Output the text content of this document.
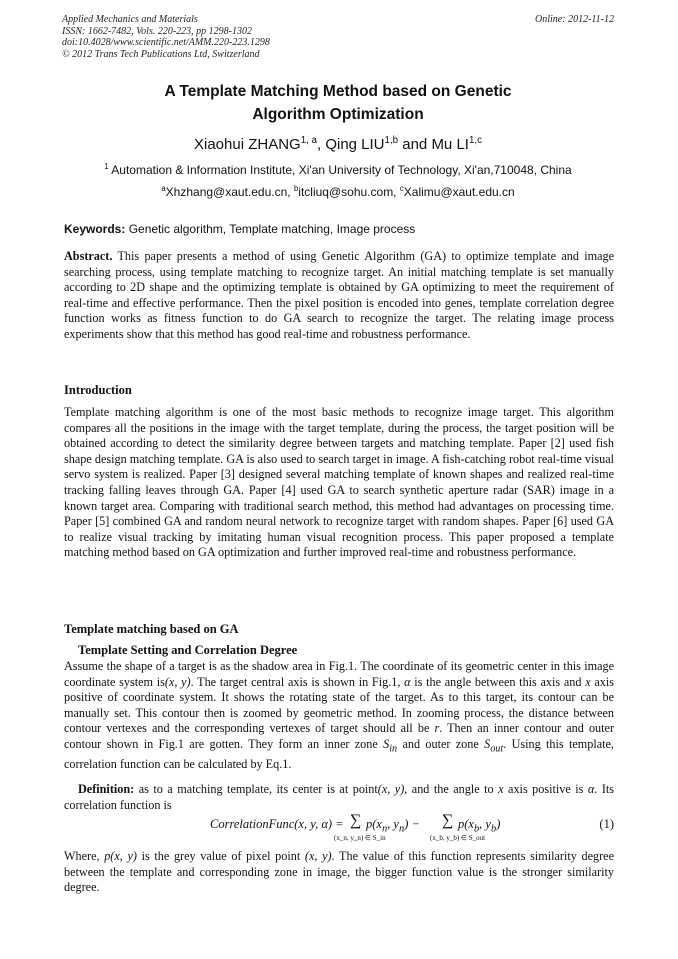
Applied Mechanics and Materials
ISSN: 1662-7482, Vols. 220-223, pp 1298-1302
doi:10.4028/www.scientific.net/AMM.220-223.1298
© 2012 Trans Tech Publications Ltd, Switzerland
Online: 2012-11-12
A Template Matching Method based on Genetic
Algorithm Optimization
Xiaohui ZHANG$^{1, a}$, Qing LIU$^{1,b}$ and Mu LI$^{1,c}$
$^1$ Automation & Information Institute, Xi'an University of Technology, Xi'an,710048, China
$^a$Xhzhang@xaut.edu.cn, $^b$itcliuq@sohu.com, $^c$Xalimu@xaut.edu.cn
Keywords: Genetic algorithm, Template matching, Image process
Abstract. This paper presents a method of using Genetic Algorithm (GA) to optimize template and image searching process, using template matching to recognize target. An initial matching template is set manually according to 2D shape and the optimizing template is obtained by GA optimizing to meet the requirement of real-time and effective performance. Then the pixel position is encoded into genes, template correlation degree function works as fitness function to do GA search to recognize the target. The relating image process experiments show that this method has good real-time and robustness performance.
Introduction
Template matching algorithm is one of the most basic methods to recognize image target. This algorithm compares all the positions in the image with the target template, during the process, the target position will be obtained according to detect the similarity degree between targets and matching template. Paper [2] used fish shape design matching template. GA is also used to search target in image. A fish-catching robot real-time visual servo system is realized. Paper [3] designed several matching template of known shapes and realized real-time tracking falling leaves through GA. Paper [4] used GA to search synthetic aperture radar (SAR) image in a known target area. Comparing with traditional search method, this method had advantages on processing time. Paper [5] combined GA and random neural network to recognize target with random shapes. Paper [6] used GA to realize visual tracking by imitating human visual recognition process. This paper proposed a template matching method based on GA optimization and further improved real-time and robustness performance.
Template matching based on GA
Template Setting and Correlation Degree
Assume the shape of a target is as the shadow area in Fig.1. The coordinate of its geometric center in this image coordinate system is(x, y). The target central axis is shown in Fig.1, α is the angle between this axis and x axis positive of coordinate system. It shows the rotating state of the target. As to this target, its contour can be manually set. This contour then is zoomed by geometric method. In zooming process, the distance between contour vertexes and the corresponding vertexes of target should all be r. Then an inner contour and outer contour shown in Fig.1 are gotten. They form an inner zone $S_{in}$ and outer zone $S_{out}$. Using this template, correlation function can be calculated by Eq.1.
Definition: as to a matching template, its center is at point(x, y), and the angle to x axis positive is α. Its correlation function is
CorrelationFunc(x, y, α) = ∑ $p(x_n$, $y_n$) −
(x_n, y_n) ∈ S_in
∑ $p(x_b$, $y_b$)
(x_b, y_b) ∈ S_out
(1)
Where, p(x, y) is the grey value of pixel point (x, y). The value of this function represents similarity degree between the template and corresponding zone in image, the bigger function value is the stronger similarity degree.
